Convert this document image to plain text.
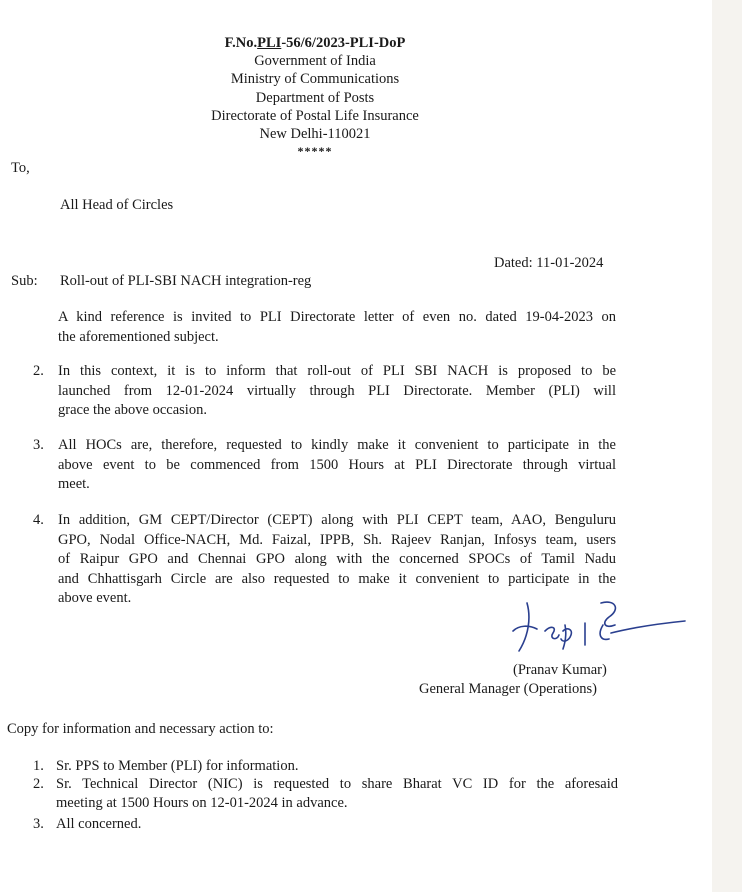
F.No.PLI-56/6/2023-PLI-DoP
Government of India
Ministry of Communications
Department of Posts
Directorate of Postal Life Insurance
New Delhi-110021
*****
To,
All Head of Circles
Dated: 11-01-2024
Sub: Roll-out of PLI-SBI NACH integration-reg
A kind reference is invited to PLI Directorate letter of even no. dated 19-04-2023 on
the aforementioned subject.
2. In this context, it is to inform that roll-out of PLI SBI NACH is proposed to be
launched from 12-01-2024 virtually through PLI Directorate. Member (PLI) will
grace the above occasion.
3. All HOCs are, therefore, requested to kindly make it convenient to participate in the
above event to be commenced from 1500 Hours at PLI Directorate through virtual
meet.
4. In addition, GM CEPT/Director (CEPT) along with PLI CEPT team, AAO, Benguluru
GPO, Nodal Office-NACH, Md. Faizal, IPPB, Sh. Rajeev Ranjan, Infosys team, users
of Raipur GPO and Chennai GPO along with the concerned SPOCs of Tamil Nadu
and Chhattisgarh Circle are also requested to make it convenient to participate in the
above event.
(Pranav Kumar)
General Manager (Operations)
Copy for information and necessary action to:
1. Sr. PPS to Member (PLI) for information.
2. Sr. Technical Director (NIC) is requested to share Bharat VC ID for the aforesaid
meeting at 1500 Hours on 12-01-2024 in advance.
3. All concerned.
